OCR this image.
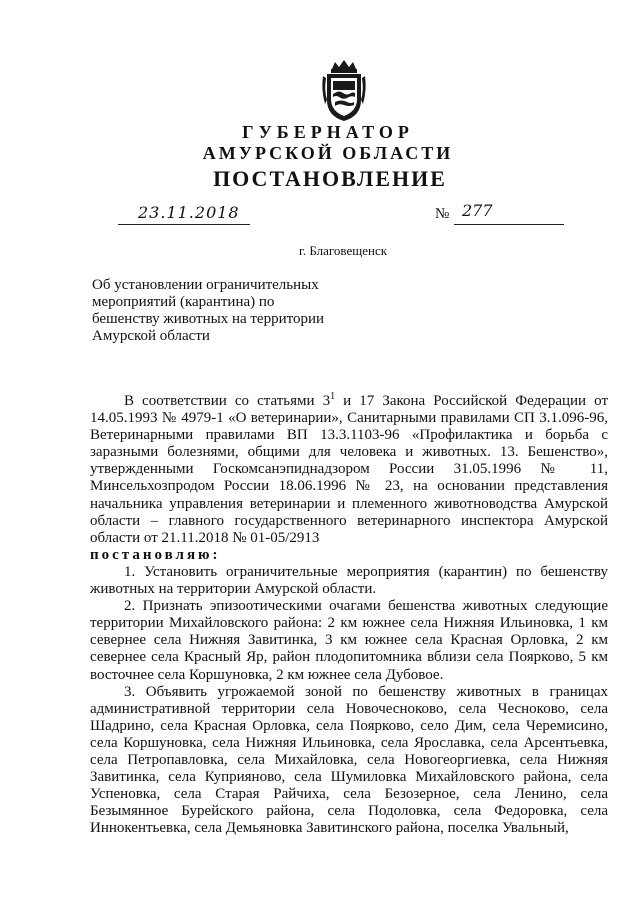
ГУБЕРНАТОР
АМУРСКОЙ ОБЛАСТИ
ПОСТАНОВЛЕНИЕ
23.11.2018	№ 277
г. Благовещенск
Об установлении ограничительных мероприятий (карантина) по бешенству животных на территории Амурской области

В соответствии со статьями $3^1$ и 17 Закона Российской Федерации от 14.05.1993 № 4979-1 «О ветеринарии», Санитарными правилами СП 3.1.096-96, Ветеринарными правилами ВП 13.3.1103-96 «Профилактика и борьба с заразными болезнями, общими для человека и животных. 13. Бешенство», утвержденными Госкомсанэпиднадзором России 31.05.1996 № 11, Минсельхозпродом России 18.06.1996 № 23, на основании представления начальника управления ветеринарии и племенного животноводства Амурской области – главного государственного ветеринарного инспектора Амурской области от 21.11.2018 № 01-05/2913

постановляю:

1. Установить ограничительные мероприятия (карантин) по бешенству животных на территории Амурской области.

2. Признать эпизоотическими очагами бешенства животных следующие территории Михайловского района: 2 км южнее села Нижняя Ильиновка, 1 км севернее села Нижняя Завитинка, 3 км южнее села Красная Орловка, 2 км севернее села Красный Яр, район плодопитомника вблизи села Поярково, 5 км восточнее села Коршуновка, 2 км южнее села Дубовое.

3. Объявить угрожаемой зоной по бешенству животных в границах административной территории села Новочесноково, села Чесноково, села Шадрино, села Красная Орловка, села Поярково, село Дим, села Черемисино, села Коршуновка, села Нижняя Ильиновка, села Ярославка, села Арсентьевка, села Петропавловка, села Михайловка, села Новогеоргиевка, села Нижняя Завитинка, села Куприяново, села Шумиловка Михайловского района, села Успеновка, села Старая Райчиха, села Безозерное, села Ленино, села Безымянное Бурейского района, села Подоловка, села Федоровка, села Иннокентьевка, села Демьяновка Завитинского района, поселка Увальный,
